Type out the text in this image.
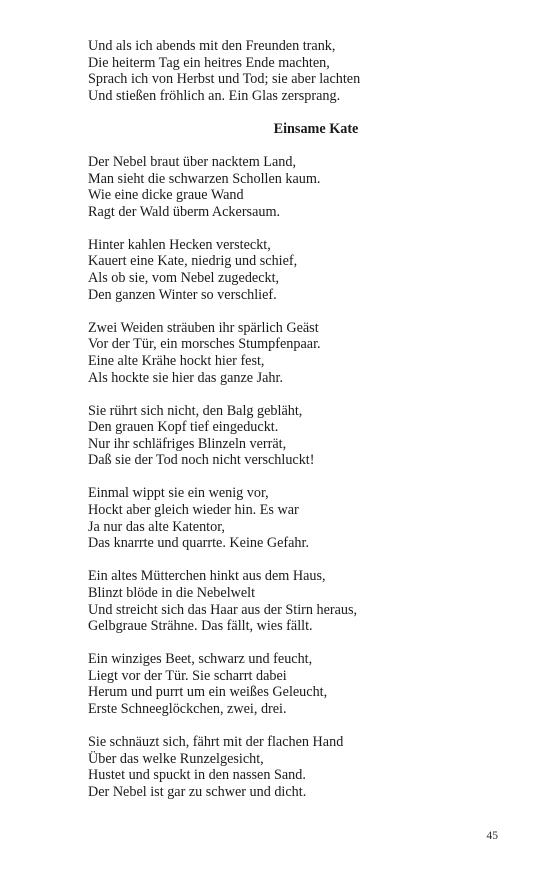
Und als ich abends mit den Freunden trank,
Die heiterm Tag ein heitres Ende machten,
Sprach ich von Herbst und Tod; sie aber lachten
Und stießen fröhlich an. Ein Glas zersprang.
Einsame Kate
Der Nebel braut über nacktem Land,
Man sieht die schwarzen Schollen kaum.
Wie eine dicke graue Wand
Ragt der Wald überm Ackersaum.
Hinter kahlen Hecken versteckt,
Kauert eine Kate, niedrig und schief,
Als ob sie, vom Nebel zugedeckt,
Den ganzen Winter so verschlief.
Zwei Weiden sträuben ihr spärlich Geäst
Vor der Tür, ein morsches Stumpfenpaar.
Eine alte Krähe hockt hier fest,
Als hockte sie hier das ganze Jahr.
Sie rührt sich nicht, den Balg gebläht,
Den grauen Kopf tief eingeduckt.
Nur ihr schläfriges Blinzeln verrät,
Daß sie der Tod noch nicht verschluckt!
Einmal wippt sie ein wenig vor,
Hockt aber gleich wieder hin. Es war
Ja nur das alte Katentor,
Das knarrte und quarrte. Keine Gefahr.
Ein altes Mütterchen hinkt aus dem Haus,
Blinzt blöde in die Nebelwelt
Und streicht sich das Haar aus der Stirn heraus,
Gelbgraue Strähne. Das fällt, wies fällt.
Ein winziges Beet, schwarz und feucht,
Liegt vor der Tür. Sie scharrt dabei
Herum und purrt um ein weißes Geleucht,
Erste Schneeglöckchen, zwei, drei.
Sie schnäuzt sich, fährt mit der flachen Hand
Über das welke Runzelgesicht,
Hustet und spuckt in den nassen Sand.
Der Nebel ist gar zu schwer und dicht.
45
